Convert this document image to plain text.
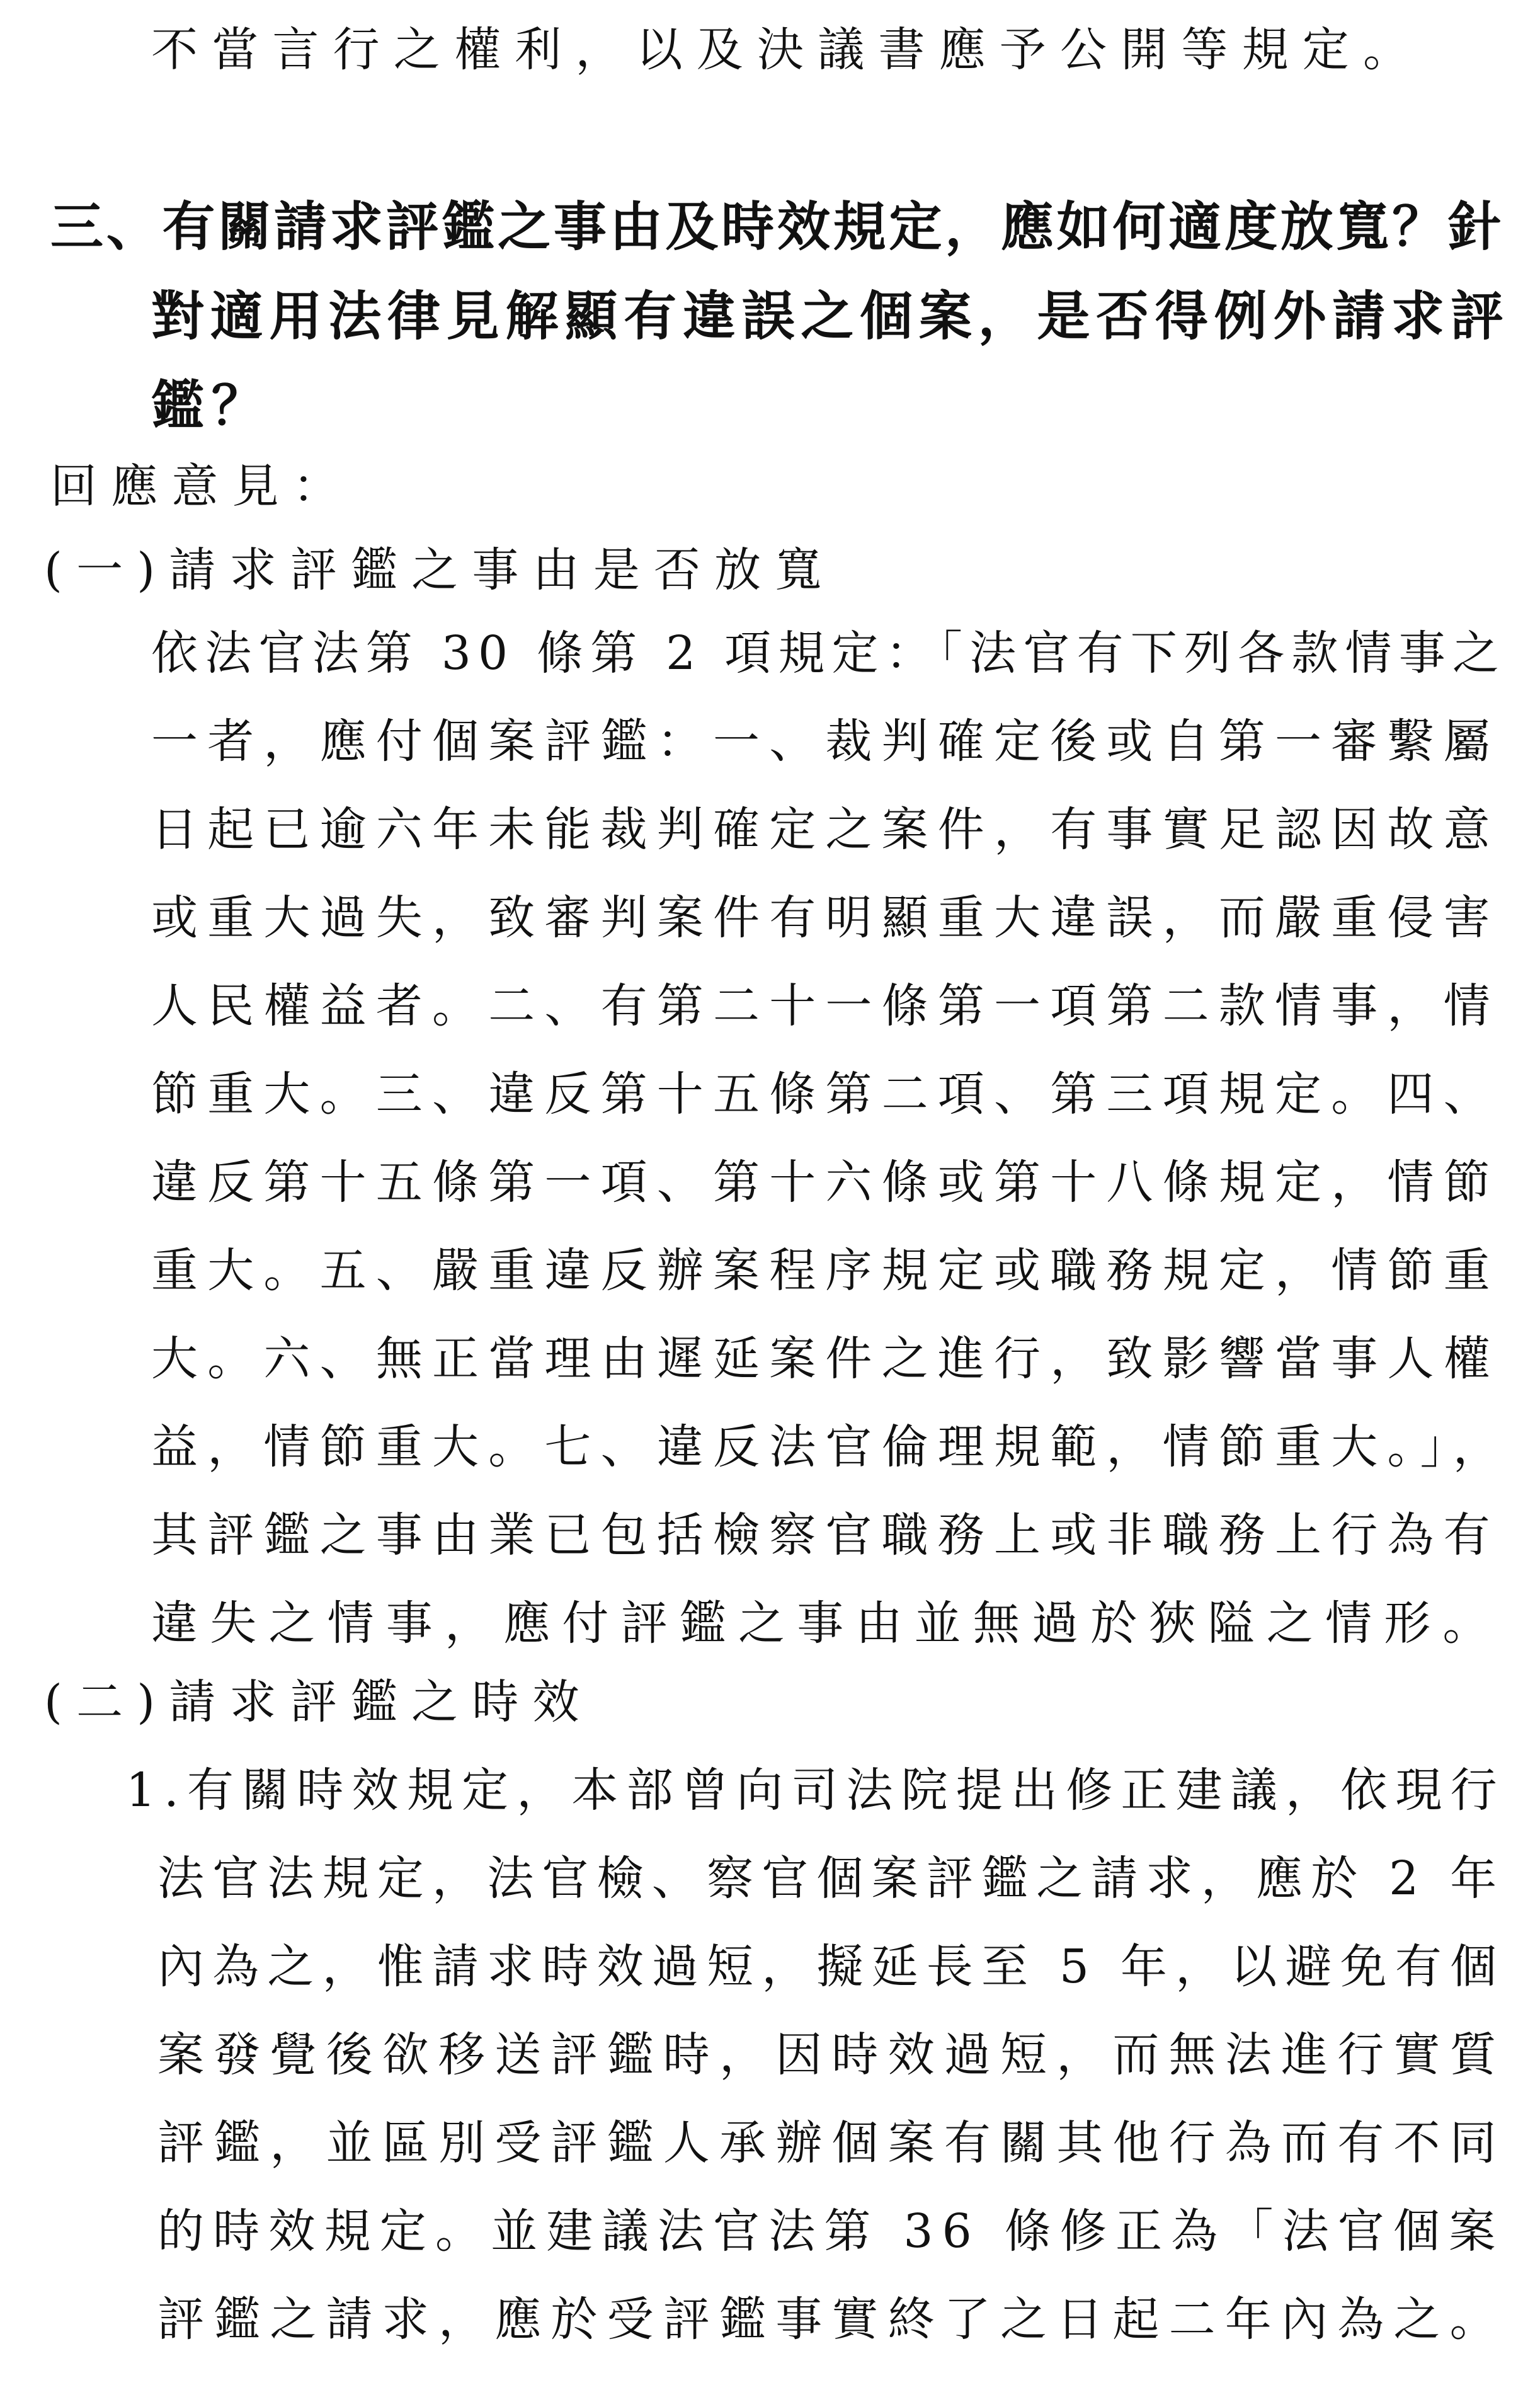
不當言行之權利，以及決議書應予公開等規定。
三、有關請求評鑑之事由及時效規定，應如何適度放寬？針
對適用法律見解顯有違誤之個案，是否得例外請求評
鑑？
回應意見：
(一)請求評鑑之事由是否放寬
依法官法第 30 條第 2 項規定：「法官有下列各款情事之
一者，應付個案評鑑：一、裁判確定後或自第一審繫屬
日起已逾六年未能裁判確定之案件，有事實足認因故意
或重大過失，致審判案件有明顯重大違誤，而嚴重侵害
人民權益者。二、有第二十一條第一項第二款情事，情
節重大。三、違反第十五條第二項、第三項規定。四、
違反第十五條第一項、第十六條或第十八條規定，情節
重大。五、嚴重違反辦案程序規定或職務規定，情節重
大。六、無正當理由遲延案件之進行，致影響當事人權
益，情節重大。七、違反法官倫理規範，情節重大。」，
其評鑑之事由業已包括檢察官職務上或非職務上行為有
違失之情事，應付評鑑之事由並無過於狹隘之情形。
(二)請求評鑑之時效
1.有關時效規定，本部曾向司法院提出修正建議，依現行
法官法規定，法官檢、察官個案評鑑之請求，應於 2 年
內為之，惟請求時效過短，擬延長至 5 年，以避免有個
案發覺後欲移送評鑑時，因時效過短，而無法進行實質
評鑑，並區別受評鑑人承辦個案有關其他行為而有不同
的時效規定。並建議法官法第 36 條修正為「法官個案
評鑑之請求，應於受評鑑事實終了之日起二年內為之。
